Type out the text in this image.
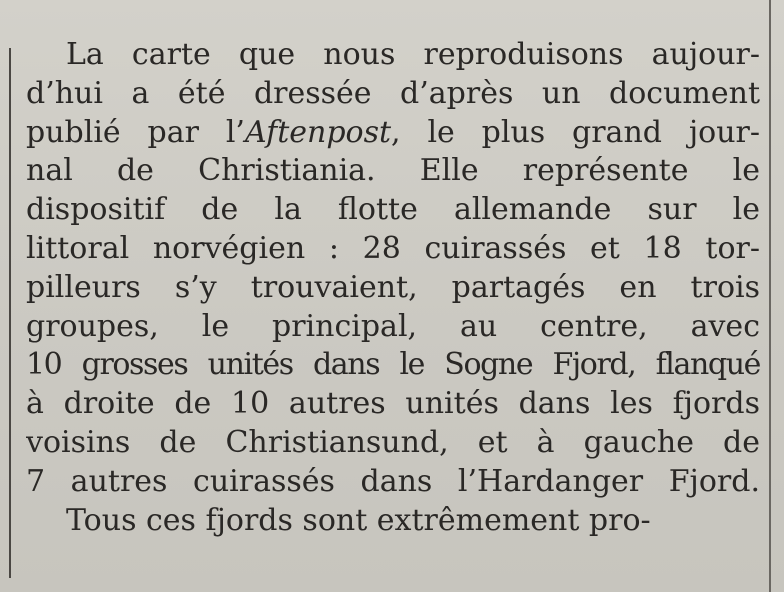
La carte que nous reproduisons aujour-
d’hui a été dressée d’après un document
publié par l’Aftenpost, le plus grand jour-
nal de Christiania. Elle représente le
dispositif de la flotte allemande sur le
littoral norvégien : 28 cuirassés et 18 tor-
pilleurs s’y trouvaient, partagés en trois
groupes, le principal, au centre, avec
10 grosses unités dans le Sogne Fjord, flanqué
à droite de 10 autres unités dans les fjords
voisins de Christiansund, et à gauche de
7 autres cuirassés dans l’Hardanger Fjord.
Tous ces fjords sont extrêmement pro-
